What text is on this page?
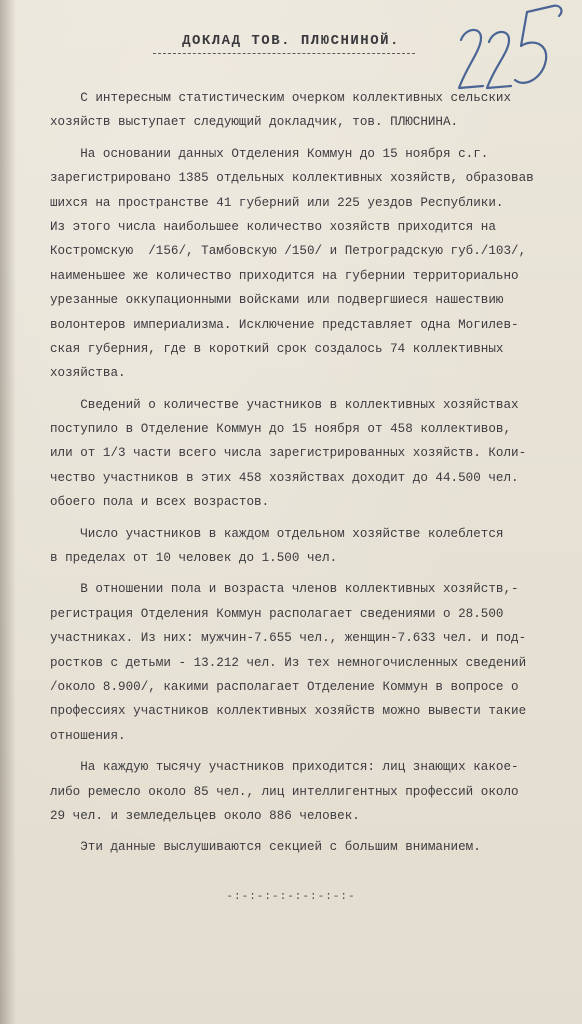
ДОКЛАД ТОВ. ПЛЮСНИНОЙ.
С интересным статистическим очерком коллективных сельских
хозяйств выступает следующий докладчик, тов. ПЛЮСНИНА.
На основании данных Отделения Коммун до 15 ноября с.г.
зарегистрировано 1385 отдельных коллективных хозяйств, образовав
шихся на пространстве 41 губерний или 225 уездов Республики.
Из этого числа наибольшее количество хозяйств приходится на
Костромскую  /156/, Тамбовскую /150/ и Петроградскую губ./103/,
наименьшее же количество приходится на губернии территориально
урезанные оккупационными войсками или подвергшиеся нашествию
волонтеров империализма. Исключение представляет одна Могилев-
ская губерния, где в короткий срок создалось 74 коллективных
хозяйства.
Сведений о количестве участников в коллективных хозяйствах
поступило в Отделение Коммун до 15 ноября от 458 коллективов,
или от 1/3 части всего числа зарегистрированных хозяйств. Коли-
чество участников в этих 458 хозяйствах доходит до 44.500 чел.
обоего пола и всех возрастов.
Число участников в каждом отдельном хозяйстве колеблется
в пределах от 10 человек до 1.500 чел.
В отношении пола и возраста членов коллективных хозяйств,-
регистрация Отделения Коммун располагает сведениями о 28.500
участниках. Из них: мужчин-7.655 чел., женщин-7.633 чел. и под-
ростков с детьми - 13.212 чел. Из тех немногочисленных сведений
/около 8.900/, какими располагает Отделение Коммун в вопросе о
профессиях участников коллективных хозяйств можно вывести такие
отношения.
На каждую тысячу участников приходится: лиц знающих какое-
либо ремесло около 85 чел., лиц интеллигентных профессий около
29 чел. и земледельцев около 886 человек.
Эти данные выслушиваются секцией с большим вниманием.
-:-:-:-:-:-:-:-:-
